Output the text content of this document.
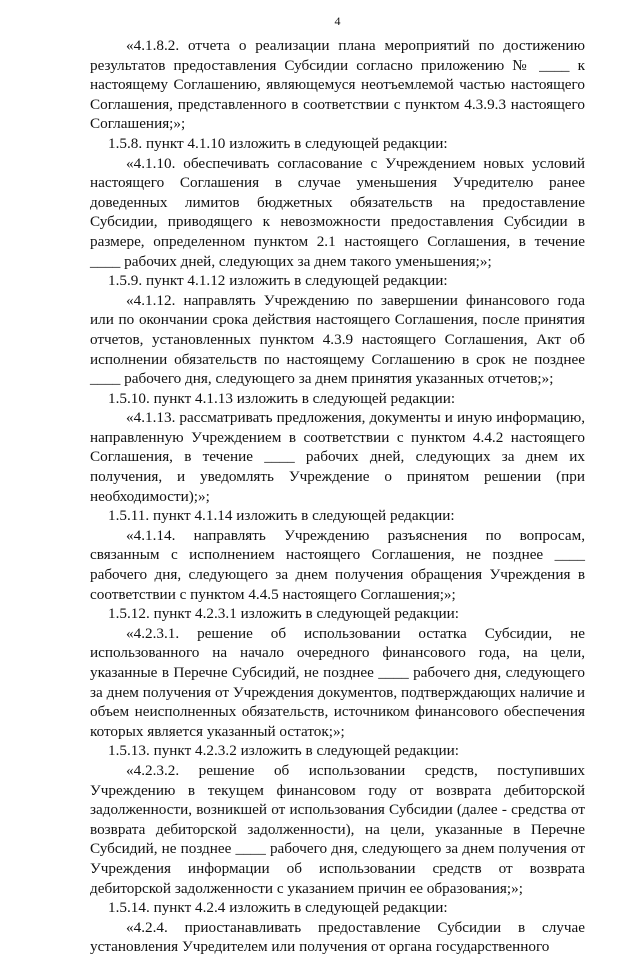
4

«4.1.8.2. отчета о реализации плана мероприятий по достижению результатов предоставления Субсидии согласно приложению № ____ к настоящему Соглашению, являющемуся неотъемлемой частью настоящего Соглашения, представленного в соответствии с пунктом 4.3.9.3 настоящего Соглашения;»;

1.5.8. пункт 4.1.10 изложить в следующей редакции:

«4.1.10. обеспечивать согласование с Учреждением новых условий настоящего Соглашения в случае уменьшения Учредителю ранее доведенных лимитов бюджетных обязательств на предоставление Субсидии, приводящего к невозможности предоставления Субсидии в размере, определенном пунктом 2.1 настоящего Соглашения, в течение ____ рабочих дней, следующих за днем такого уменьшения;»;

1.5.9. пункт 4.1.12 изложить в следующей редакции:

«4.1.12. направлять Учреждению по завершении финансового года или по окончании срока действия настоящего Соглашения, после принятия отчетов, установленных пунктом 4.3.9 настоящего Соглашения, Акт об исполнении обязательств по настоящему Соглашению в срок не позднее ____ рабочего дня, следующего за днем принятия указанных отчетов;»;

1.5.10. пункт 4.1.13 изложить в следующей редакции:

«4.1.13. рассматривать предложения, документы и иную информацию, направленную Учреждением в соответствии с пунктом 4.4.2 настоящего Соглашения, в течение ____ рабочих дней, следующих за днем их получения, и уведомлять Учреждение о принятом решении (при необходимости);»;

1.5.11. пункт 4.1.14 изложить в следующей редакции:

«4.1.14. направлять Учреждению разъяснения по вопросам, связанным с исполнением настоящего Соглашения, не позднее ____ рабочего дня, следующего за днем получения обращения Учреждения в соответствии с пунктом 4.4.5 настоящего Соглашения;»;

1.5.12. пункт 4.2.3.1 изложить в следующей редакции:

«4.2.3.1. решение об использовании остатка Субсидии, не использованного на начало очередного финансового года, на цели, указанные в Перечне Субсидий, не позднее ____ рабочего дня, следующего за днем получения от Учреждения документов, подтверждающих наличие и объем неисполненных обязательств, источником финансового обеспечения которых является указанный остаток;»;

1.5.13. пункт 4.2.3.2 изложить в следующей редакции:

«4.2.3.2. решение об использовании средств, поступивших Учреждению в текущем финансовом году от возврата дебиторской задолженности, возникшей от использования Субсидии (далее - средства от возврата дебиторской задолженности), на цели, указанные в Перечне Субсидий, не позднее ____ рабочего дня, следующего за днем получения от Учреждения информации об использовании средств от возврата дебиторской задолженности с указанием причин ее образования;»;

1.5.14. пункт 4.2.4 изложить в следующей редакции:

«4.2.4. приостанавливать предоставление Субсидии в случае установления Учредителем или получения от органа государственного
